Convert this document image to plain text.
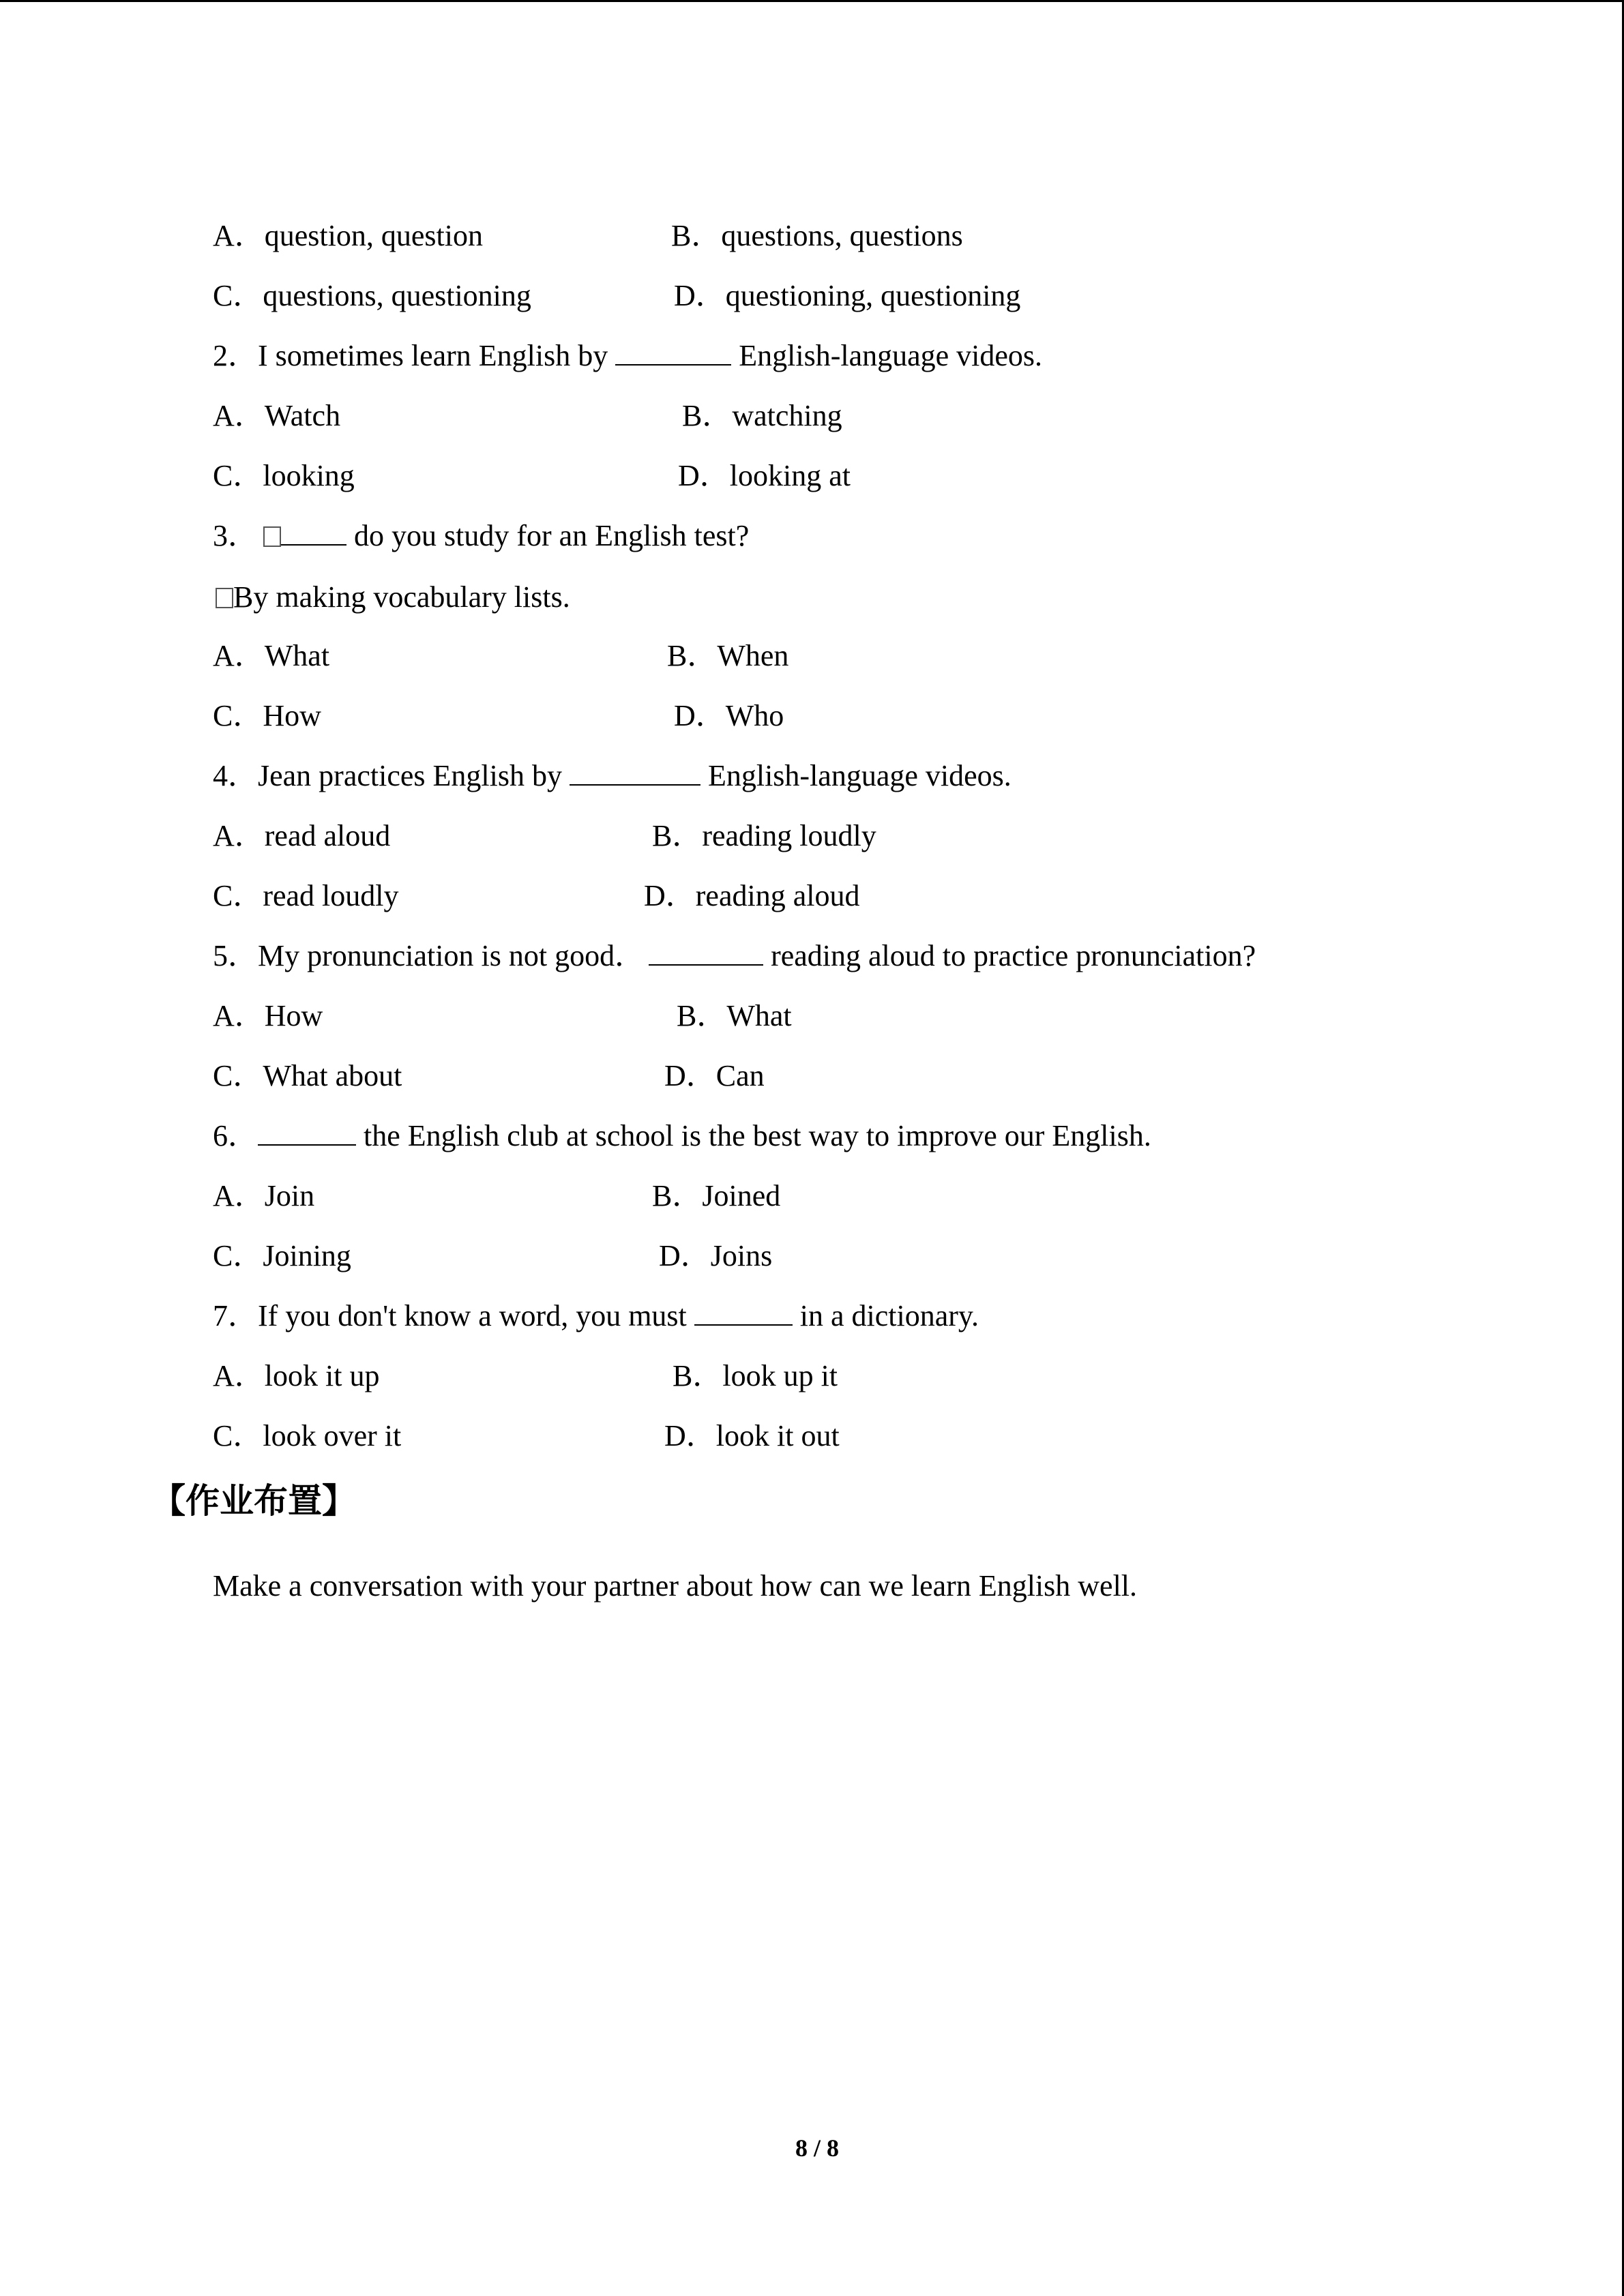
A．question, question	B．questions, questions
C．questions, questioning	D．questioning, questioning
2．I sometimes learn English by	English-language videos.
A．Watch	B．watching
C．looking	D．looking at
3．	do you study for an English test?
By making vocabulary lists.
A．What	B．When
C．How	D．Who
4．Jean practices English by	English-language videos.
A．read aloud	B．reading loudly
C．read loudly	D．reading aloud
5．My pronunciation is not good．	reading aloud to practice pronunciation?
A．How	B．What
C．What about	D．Can
6．	the English club at school is the best way to improve our English.
A．Join	B．Joined
C．Joining	D．Joins
7．If you don't know a word, you must	in a dictionary.
A．look it up	B．look up it
C．look over it	D．look it out
【作业布置】
Make a conversation with your partner about how can we learn English well.
8 / 8
